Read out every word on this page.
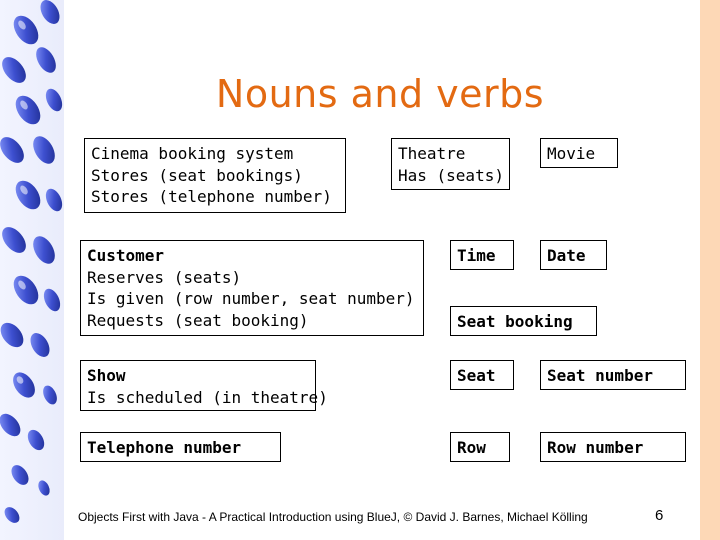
Nouns and verbs
Cinema booking system
Stores (seat bookings)
Stores (telephone number)
Theatre
Has (seats)
Movie
Customer
Reserves (seats)
Is given (row number, seat number)
Requests (seat booking)
Time	Date
Seat booking
Show
Is scheduled (in theatre)
Seat	Seat number
Telephone number	Row	Row number
Objects First with Java - A Practical Introduction using BlueJ, © David J. Barnes, Michael Kölling	6
